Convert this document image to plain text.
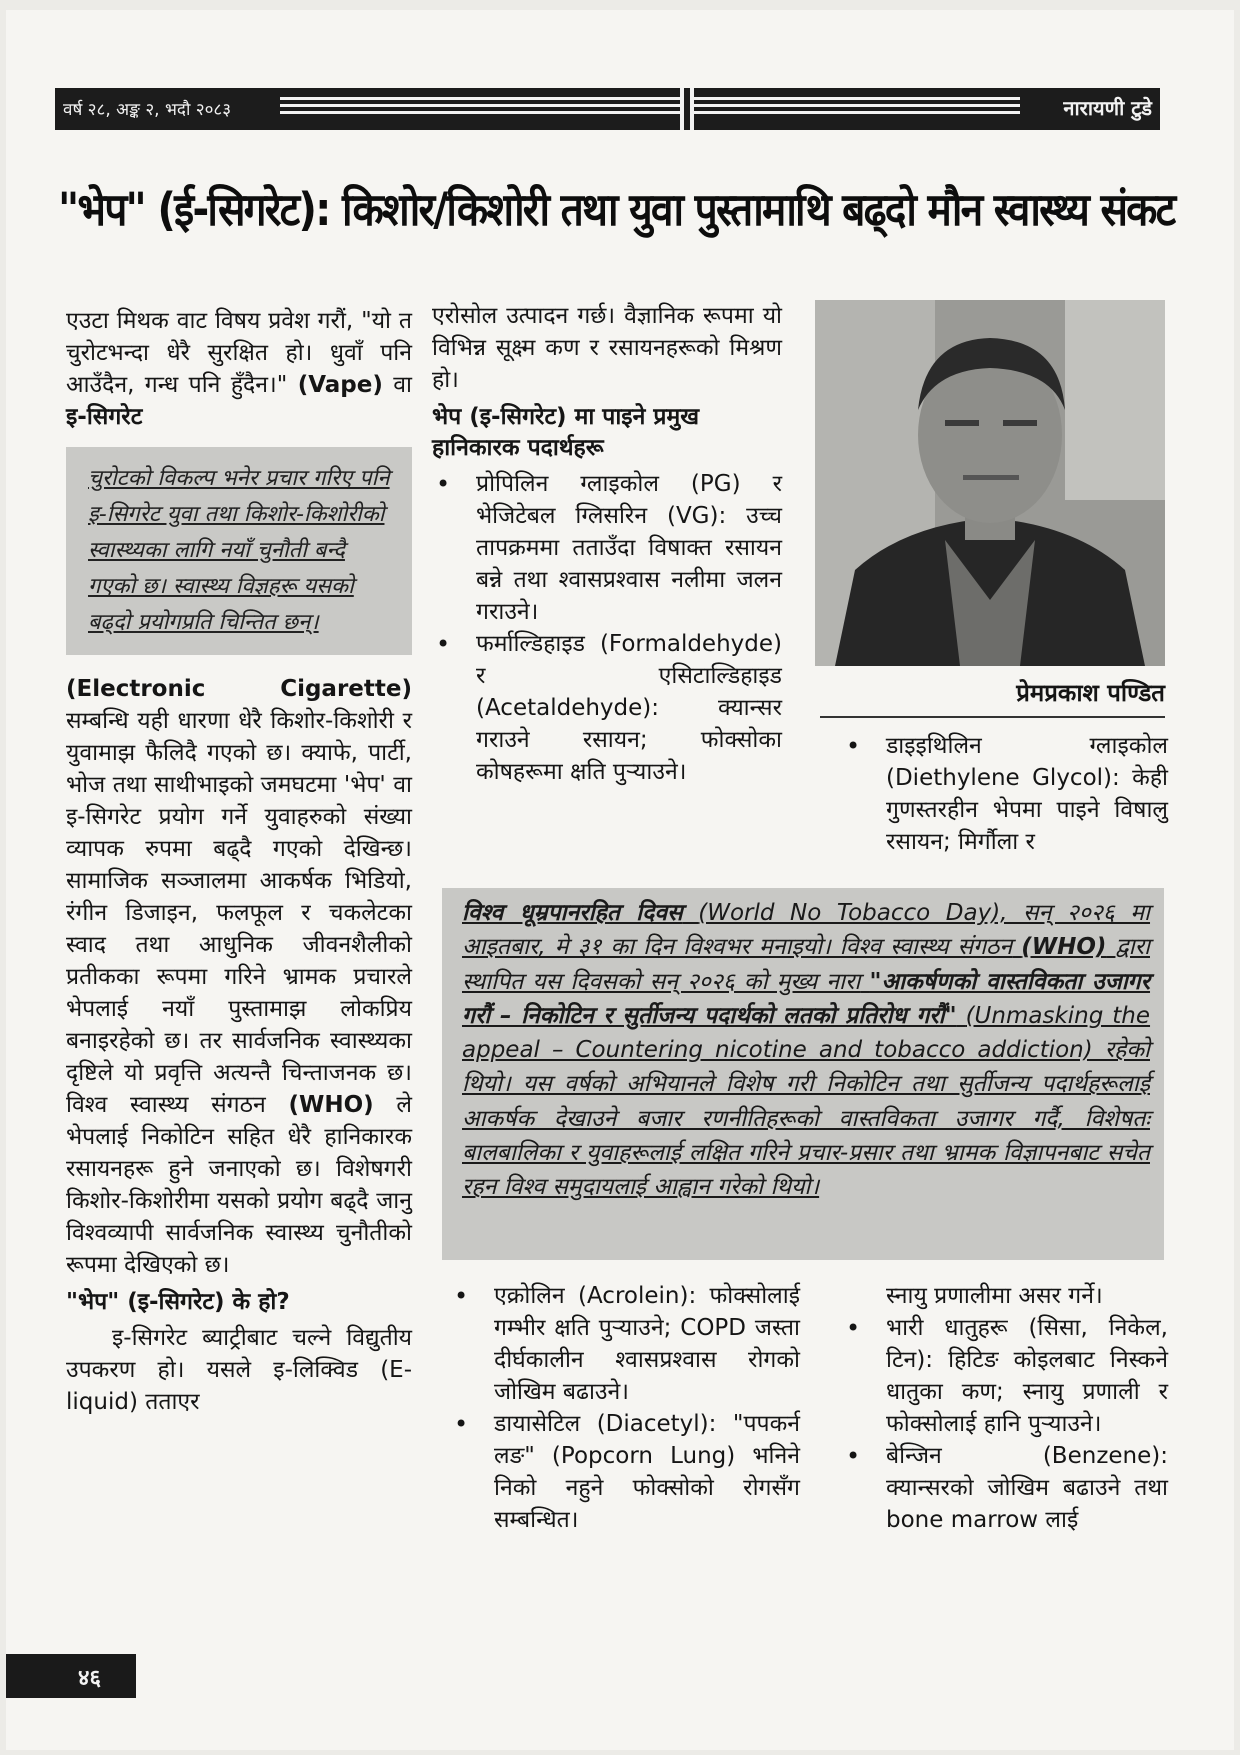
वर्ष २८, अङ्क २, भदौ २०८३	नारायणी टुडे
"भेप" (ई-सिगरेट): किशोर/किशोरी तथा युवा पुस्तामाथि बढ्दो मौन स्वास्थ्य संकट

एउटा मिथक वाट विषय प्रवेश गरौं, "यो त चुरोटभन्दा धेरै सुरक्षित हो। धुवाँ पनि आउँदैन, गन्ध पनि हुँदैन।" (Vape) वा इ-सिगरेट

चुरोटको विकल्प भनेर प्रचार गरिए पनि इ-सिगरेट युवा तथा किशोर-किशोरीको स्वास्थ्यका लागि नयाँ चुनौती बन्दै गएको छ। स्वास्थ्य विज्ञहरू यसको बढ्दो प्रयोगप्रति चिन्तित छन्।

(Electronic Cigarette) सम्बन्धि यही धारणा धेरै किशोर-किशोरी र युवामाझ फैलिदै गएको छ। क्याफे, पार्टी, भोज तथा साथीभाइको जमघटमा 'भेप' वा इ-सिगरेट प्रयोग गर्ने युवाहरुको संख्या व्यापक रुपमा बढ्दै गएको देखिन्छ। सामाजिक सञ्जालमा आकर्षक भिडियो, रंगीन डिजाइन, फलफूल र चकलेटका स्वाद तथा आधुनिक जीवनशैलीको प्रतीकका रूपमा गरिने भ्रामक प्रचारले भेपलाई नयाँ पुस्तामाझ लोकप्रिय बनाइरहेको छ। तर सार्वजनिक स्वास्थ्यका दृष्टिले यो प्रवृत्ति अत्यन्तै चिन्ताजनक छ। विश्व स्वास्थ्य संगठन (WHO) ले भेपलाई निकोटिन सहित धेरै हानिकारक रसायनहरू हुने जनाएको छ। विशेषगरी किशोर-किशोरीमा यसको प्रयोग बढ्दै जानु विश्वव्यापी सार्वजनिक स्वास्थ्य चुनौतीको रूपमा देखिएको छ।

"भेप" (इ-सिगरेट) के हो?

इ-सिगरेट ब्याट्रीबाट चल्ने विद्युतीय उपकरण हो। यसले इ-लिक्विड (E-liquid) तताएर

एरोसोल उत्पादन गर्छ। वैज्ञानिक रूपमा यो विभिन्न सूक्ष्म कण र रसायनहरूको मिश्रण हो।

भेप (इ-सिगरेट) मा पाइने प्रमुख हानिकारक पदार्थहरू

• प्रोपिलिन ग्लाइकोल (PG) र भेजिटेबल ग्लिसरिन (VG): उच्च तापक्रममा तताउँदा विषाक्त रसायन बन्ने तथा श्वासप्रश्वास नलीमा जलन गराउने।
• फर्माल्डिहाइड (Formaldehyde) र एसिटाल्डिहाइड (Acetaldehyde): क्यान्सर गराउने रसायन; फोक्सोका कोषहरूमा क्षति पुर्‍याउने।
प्रेमप्रकाश पण्डित
• डाइइथिलिन ग्लाइकोल (Diethylene Glycol): केही गुणस्तरहीन भेपमा पाइने विषालु रसायन; मिर्गौला र
विश्व धूम्रपानरहित दिवस (World No Tobacco Day), सन् २०२६ मा आइतबार, मे ३१ का दिन विश्वभर मनाइयो। विश्व स्वास्थ्य संगठन (WHO) द्वारा स्थापित यस दिवसको सन् २०२६ को मुख्य नारा "आकर्षणको वास्तविकता उजागर गरौं – निकोटिन र सुर्तीजन्य पदार्थको लतको प्रतिरोध गरौं" (Unmasking the appeal – Countering nicotine and tobacco addiction) रहेको थियो। यस वर्षको अभियानले विशेष गरी निकोटिन तथा सुर्तीजन्य पदार्थहरूलाई आकर्षक देखाउने बजार रणनीतिहरूको वास्तविकता उजागर गर्दै, विशेषतः बालबालिका र युवाहरूलाई लक्षित गरिने प्रचार-प्रसार तथा भ्रामक विज्ञापनबाट सचेत रहन विश्व समुदायलाई आह्वान गरेको थियो।
• एक्रोलिन (Acrolein): फोक्सोलाई गम्भीर क्षति पुर्‍याउने; COPD जस्ता दीर्घकालीन श्वासप्रश्वास रोगको जोखिम बढाउने।
• डायासेटिल (Diacetyl): "पपकर्न लङ" (Popcorn Lung) भनिने निको नहुने फोक्सोको रोगसँग सम्बन्धित।

स्नायु प्रणालीमा असर गर्ने।

• भारी धातुहरू (सिसा, निकेल, टिन): हिटिङ कोइलबाट निस्कने धातुका कण; स्नायु प्रणाली र फोक्सोलाई हानि पुर्‍याउने।
• बेन्जिन (Benzene): क्यान्सरको जोखिम बढाउने तथा bone marrow लाई
४६
